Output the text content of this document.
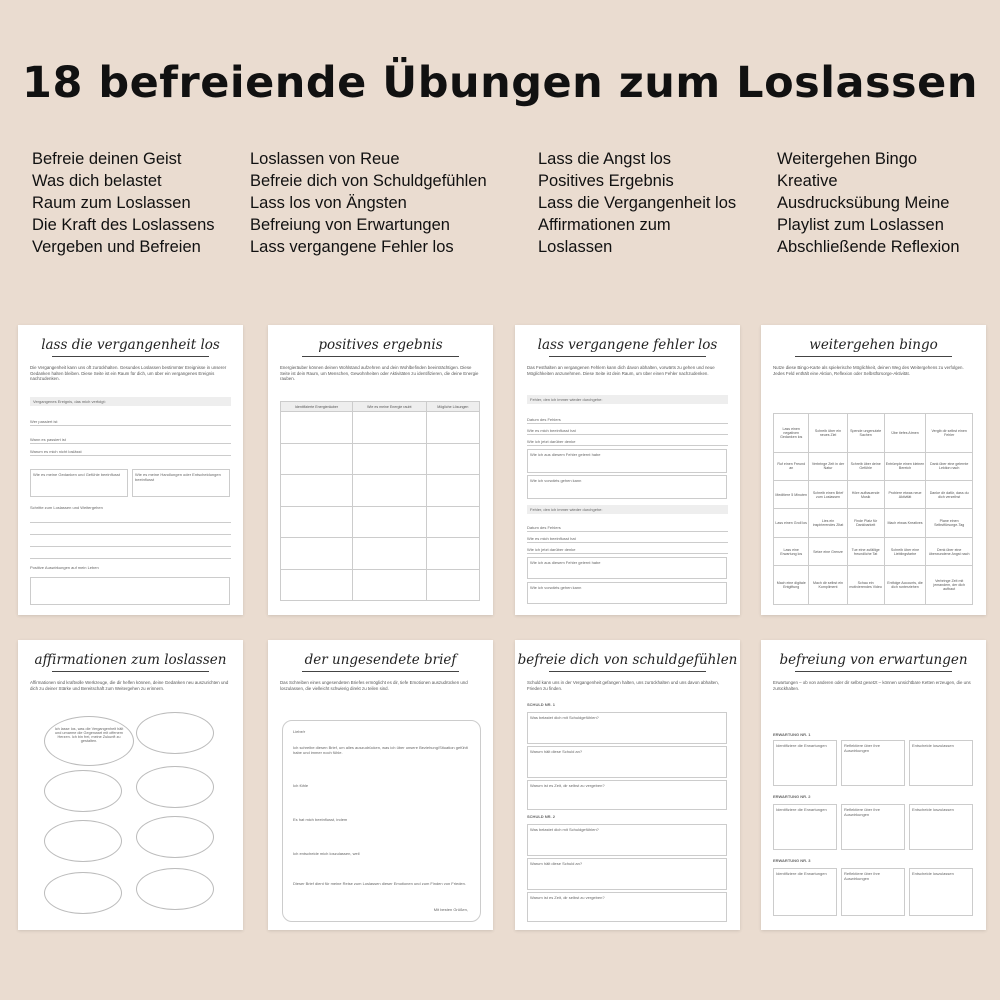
18 befreiende Übungen zum Loslassen
Befreie deinen Geist
Was dich belastet
Raum zum Loslassen
Die Kraft des Loslassens
Vergeben und Befreien
Loslassen von Reue
Befreie dich von Schuldgefühlen
Lass los von Ängsten
Befreiung von Erwartungen
Lass vergangene Fehler los
Lass die Angst los
Positives Ergebnis
Lass die Vergangenheit los
Affirmationen zum
Loslassen
Weitergehen Bingo
Kreative
Ausdrucksübung Meine
Playlist zum Loslassen
Abschließende Reflexion
lass die vergangenheit los
Die Vergangenheit kann uns oft zurückhalten. Gesundes Loslassen bestimmter Ereignisse in unserer Gedanken halten bleiben. Diese Seite ist ein Raum für dich, um über ein vergangenes Ereignis nachzudenken.
Vergangenes Ereignis, das mich verfolgt:
Wer passiert ist
Wann es passiert ist
Warum es mich nicht loslässt
Wie es meine Gedanken und Gefühle beeinflusst	Wie es meine Handlungen oder Entscheidungen beeinflusst
Schritte zum Loslassen und Weitergehen
Positive Auswirkungen auf mein Leben
positives ergebnis
Energieräuber können deinen Wohlstand aufzehren und dein Wohlbefinden beeinträchtigen. Diese Seite ist dein Raum, um Menschen, Gewohnheiten oder Aktivitäten zu identifizieren, die deine Energie rauben.
Identifizierte Energieräuber	Wie es meine Energie raubt	Mögliche Lösungen

lass vergangene fehler los
Das Festhalten an vergangenen Fehlern kann dich davon abhalten, vorwärts zu gehen und neue Möglichkeiten anzunehmen. Diese Seite ist dein Raum, um über einen Fehler nachzudenken.
Fehler, den ich immer wieder durchgehe:
Datum des Fehlers
Wie es mich beeinflusst hat
Wie ich jetzt darüber denke
Wie ich aus diesem Fehler gelernt habe
Wie ich vorwärts gehen kann
Fehler, den ich immer wieder durchgehe:
Datum des Fehlers
Wie es mich beeinflusst hat
Wie ich jetzt darüber denke
Wie ich aus diesem Fehler gelernt habe
Wie ich vorwärts gehen kann
weitergehen bingo
Nutze diese Bingo-Karte als spielerische Möglichkeit, deinen Weg des Weitergehens zu verfolgen. Jedes Feld enthält eine Aktion, Reflexion oder Selbstfürsorge-Aktivität.
Lass einen negativen Gedanken los	Schreib über ein neues Ziel	Spende ungenutzte Sachen	Übe tiefes Atmen	Vergib dir selbst einen Fehler
Ruf einen Freund an	Verbringe Zeit in der Natur	Schreib über deine Gefühle	Entrümple einen kleinen Bereich	Dank über eine gelernte Lektion nach
Meditiere 5 Minuten	Schreib einen Brief zum Loslassen	Höre aufbauende Musik	Probiere etwas neue Aktivität	Danke dir dafür, dass du dich verzeihst
Lass einen Groll los	Lies ein inspirierendes Zitat	Finde Platz für Dankbarkeit	Mach etwas Kreatives	Plane einen Selbstfürsorge-Tag
Lass eine Erwartung los	Setze eine Grenze	Tue eine zufällige freundliche Tat	Schreib über eine Lieblingsfarbe	Denk über eine überwundene Angst nach
Mach eine digitale Entgiftung	Mach dir selbst ein Kompliment	Schau ein motivierendes Video	Entfolge Accounts, die dich runterziehen	Verbringe Zeit mit jemandem, der dich aufbaut
affirmationen zum loslassen
Affirmationen sind kraftvolle Werkzeuge, die dir helfen können, deine Gedanken neu auszurichten und dich zu deiner Stärke und Bereitschaft zum Weitergehen zu erinnern.
Ich lasse los, was die Vergangenheit hält und umarme die Gegenwart mit offenem Herzen. Ich bin frei, meine Zukunft zu gestalten.
der ungesendete brief
Das Schreiben eines ungesendeten Briefes ermöglicht es dir, tiefe Emotionen auszudrücken und loszulassen, die vielleicht schwierig direkt zu teilen sind.
Liebe/r
Ich schreibe diesen Brief, um alles auszudrücken, was ich über unsere Beziehung/Situation gefühlt habe und immer noch fühle.
Ich fühle
Es hat mich beeinflusst, indem
Ich entscheide mich loszulassen, weil
Dieser Brief dient für meine Reise zum Loslassen dieser Emotionen und zum Finden von Frieden.
Mit besten Grüßen,
befreie dich von schuldgefühlen
Schuld kann uns in der Vergangenheit gefangen halten, uns zurückhalten und uns davon abhalten, Frieden zu finden.
SCHULD NR. 1
Was belastet dich mit Schuldgefühlen?
Warum hält diese Schuld an?
Warum ist es Zeit, dir selbst zu vergeben?
SCHULD NR. 2
Was belastet dich mit Schuldgefühlen?
Warum hält diese Schuld an?
Warum ist es Zeit, dir selbst zu vergeben?
befreiung von erwartungen
Erwartungen – ob von anderen oder dir selbst gesetzt – können unsichtbare Ketten erzeugen, die uns zurückhalten.
ERWARTUNG NR. 1
Identifiziere die Erwartungen	Reflektiere über ihre Auswirkungen
Entscheide loszulassen
ERWARTUNG NR. 2
Identifiziere die Erwartungen	Reflektiere über ihre Auswirkungen
Entscheide loszulassen
ERWARTUNG NR. 3
Identifiziere die Erwartungen	Reflektiere über ihre Auswirkungen
Entscheide loszulassen
